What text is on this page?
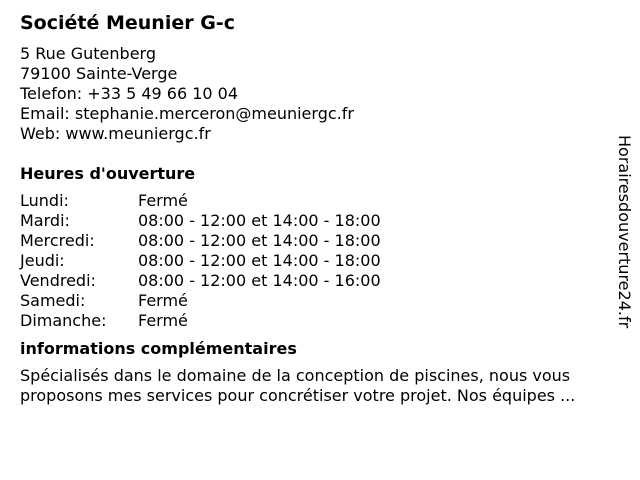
Société Meunier G-c
5 Rue Gutenberg
79100 Sainte-Verge
Telefon: +33 5 49 66 10 04
Email: stephanie.merceron@meuniergc.fr
Web: www.meuniergc.fr
Heures d'ouverture
Lundi:	Fermé
Mardi:	08:00 - 12:00 et 14:00 - 18:00
Mercredi:	08:00 - 12:00 et 14:00 - 18:00
Jeudi:	08:00 - 12:00 et 14:00 - 18:00
Vendredi:	08:00 - 12:00 et 14:00 - 16:00
Samedi:	Fermé
Dimanche:	Fermé
informations complémentaires
Spécialisés dans le domaine de la conception de piscines, nous vous
proposons mes services pour concrétiser votre projet. Nos équipes ...
Horairesdouverture24.fr
